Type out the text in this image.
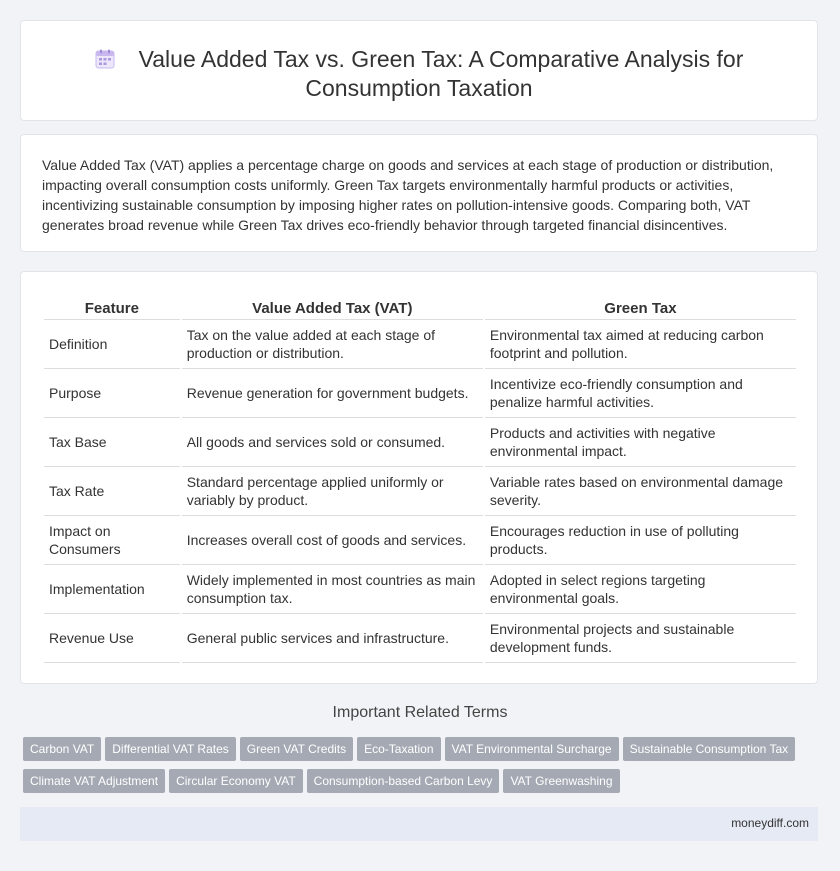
Value Added Tax vs. Green Tax: A Comparative Analysis for
Consumption Taxation

Value Added Tax (VAT) applies a percentage charge on goods and services at each stage of production or distribution, impacting overall consumption costs uniformly. Green Tax targets environmentally harmful products or activities, incentivizing sustainable consumption by imposing higher rates on pollution-intensive goods. Comparing both, VAT generates broad revenue while Green Tax drives eco-friendly behavior through targeted financial disincentives.

Feature	Value Added Tax (VAT)	Green Tax
Definition	Tax on the value added at each stage of production or distribution.	Environmental tax aimed at reducing carbon footprint and pollution.
Purpose	Revenue generation for government budgets.	Incentivize eco-friendly consumption and penalize harmful activities.
Tax Base	All goods and services sold or consumed.	Products and activities with negative environmental impact.
Tax Rate	Standard percentage applied uniformly or variably by product.	Variable rates based on environmental damage severity.
Impact on Consumers	Increases overall cost of goods and services.	Encourages reduction in use of polluting products.
Implementation	Widely implemented in most countries as main consumption tax.	Adopted in select regions targeting environmental goals.
Revenue Use	General public services and infrastructure.	Environmental projects and sustainable development funds.
Important Related Terms
Carbon VAT Differential VAT Rates Green VAT Credits Eco-Taxation VAT Environmental Surcharge Sustainable Consumption Tax
Climate VAT Adjustment Circular Economy VAT Consumption-based Carbon Levy VAT Greenwashing
moneydiff.com
